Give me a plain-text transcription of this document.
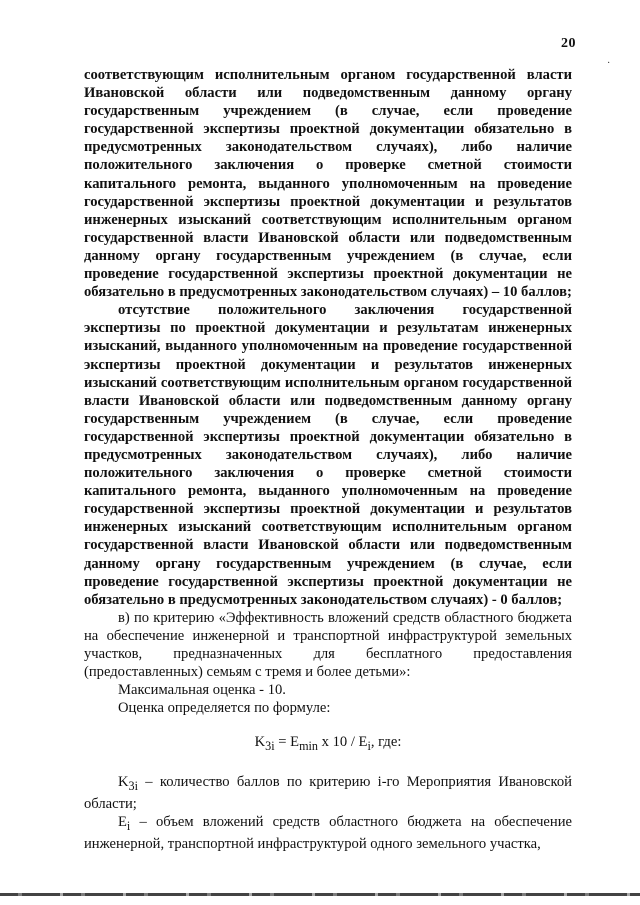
20
·

соответствующим исполнительным органом государственной власти Ивановской области или подведомственным данному органу государственным учреждением (в случае, если проведение государственной экспертизы проектной документации обязательно в предусмотренных законодательством случаях), либо наличие положительного заключения о проверке сметной стоимости капитального ремонта, выданного уполномоченным на проведение государственной экспертизы проектной документации и результатов инженерных изысканий соответствующим исполнительным органом государственной власти Ивановской области или подведомственным данному органу государственным учреждением (в случае, если проведение государственной экспертизы проектной документации не обязательно в предусмотренных законодательством случаях) – 10 баллов;

отсутствие положительного заключения государственной экспертизы по проектной документации и результатам инженерных изысканий, выданного уполномоченным на проведение государственной экспертизы проектной документации и результатов инженерных изысканий соответствующим исполнительным органом государственной власти Ивановской области или подведомственным данному органу государственным учреждением (в случае, если проведение государственной экспертизы проектной документации обязательно в предусмотренных законодательством случаях), либо наличие положительного заключения о проверке сметной стоимости капитального ремонта, выданного уполномоченным на проведение государственной экспертизы проектной документации и результатов инженерных изысканий соответствующим исполнительным органом государственной власти Ивановской области или подведомственным данному органу государственным учреждением (в случае, если проведение государственной экспертизы проектной документации не обязательно в предусмотренных законодательством случаях) - 0 баллов;

в) по критерию «Эффективность вложений средств областного бюджета на обеспечение инженерной и транспортной инфраструктурой земельных участков, предназначенных для бесплатного предоставления (предоставленных) семьям с тремя и более детьми»:

Максимальная оценка - 10.

Оценка определяется по формуле:

$K_{3i} = E_{min}$ x $10 / E_i$, где:

$K_{3i}$ – количество баллов по критерию i-го Мероприятия Ивановской области;

$E_i$ – объем вложений средств областного бюджета на обеспечение инженерной, транспортной инфраструктурой одного земельного участка,
